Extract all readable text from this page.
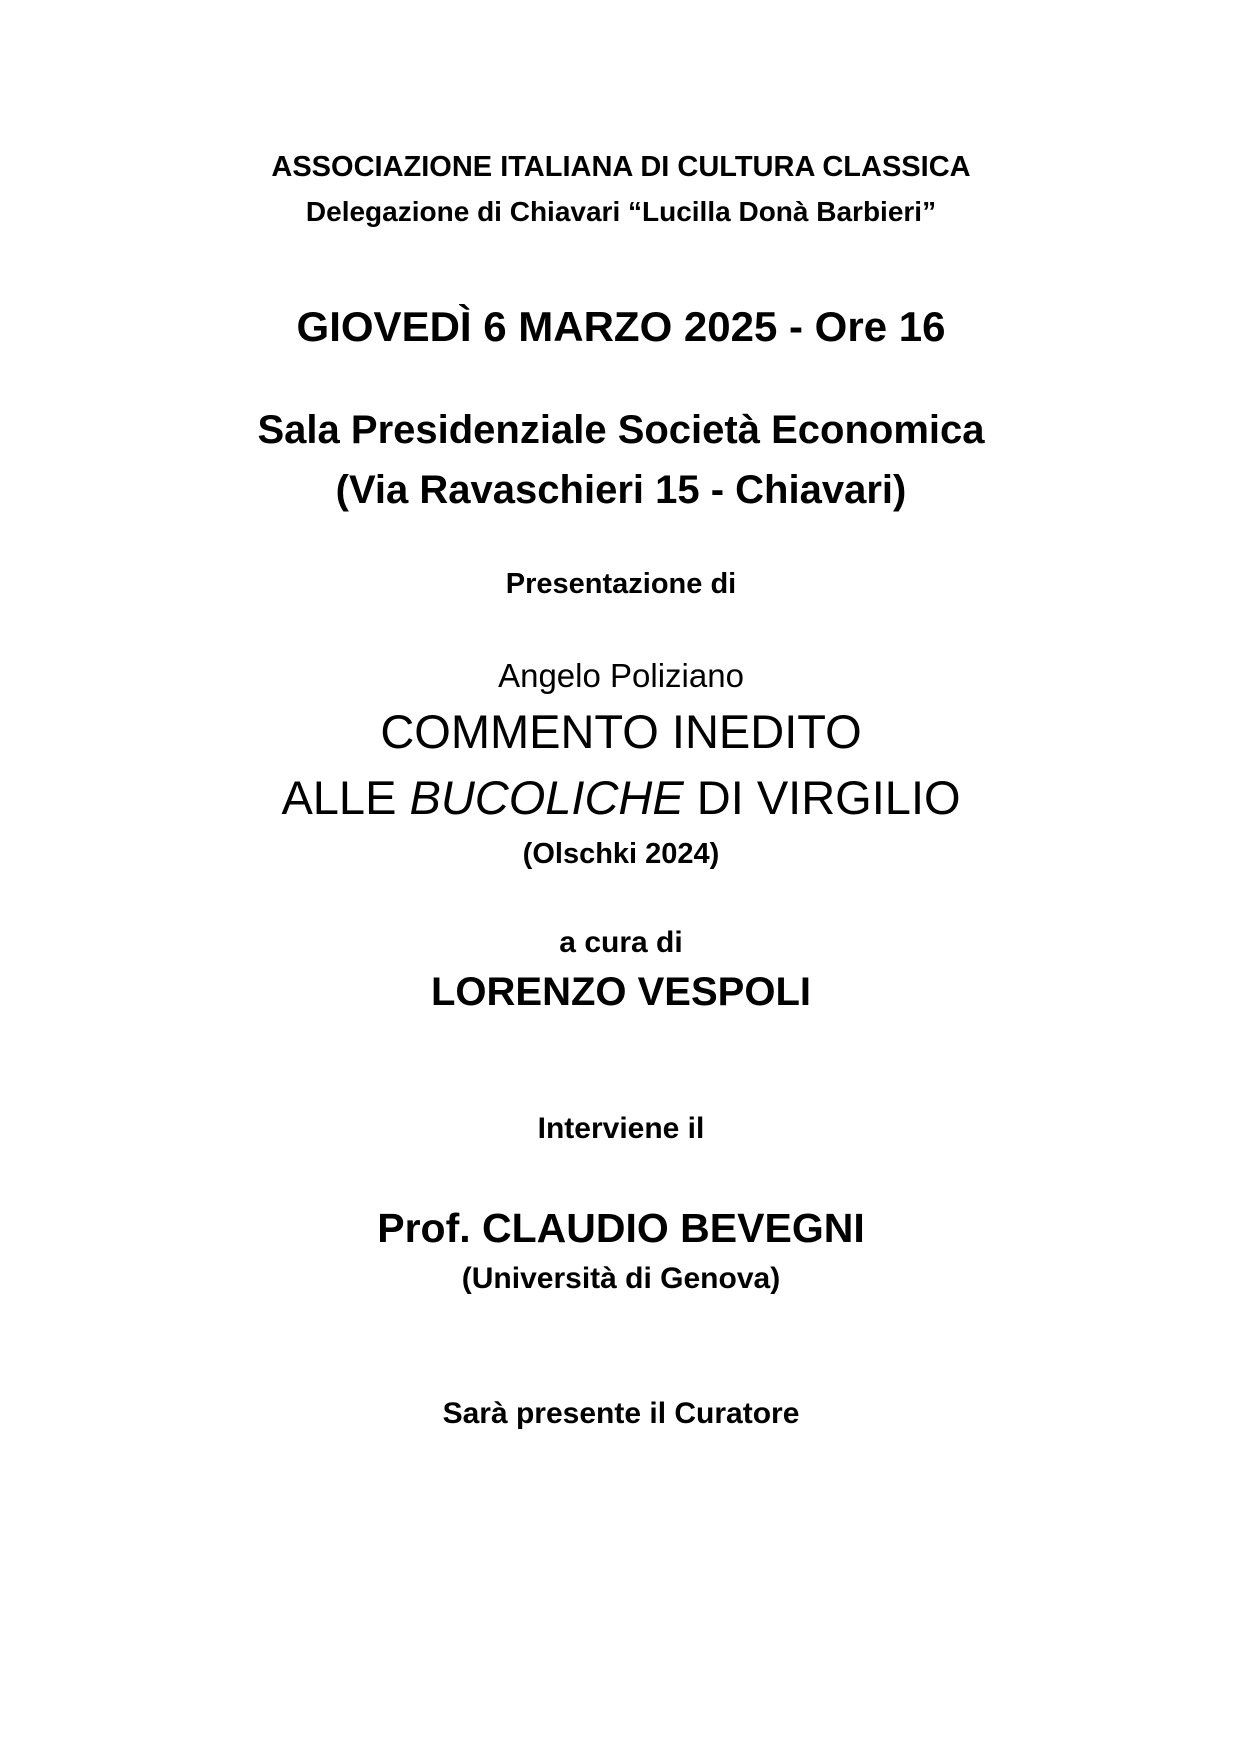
ASSOCIAZIONE ITALIANA DI CULTURA CLASSICA
Delegazione di Chiavari “Lucilla Donà Barbieri”
GIOVEDÌ 6 MARZO 2025 - Ore 16
Sala Presidenziale Società Economica
(Via Ravaschieri 15 - Chiavari)
Presentazione di
Angelo Poliziano
COMMENTO INEDITO
ALLE BUCOLICHE DI VIRGILIO
(Olschki 2024)
a cura di
LORENZO VESPOLI
Interviene il
Prof. CLAUDIO BEVEGNI
(Università di Genova)
Sarà presente il Curatore
